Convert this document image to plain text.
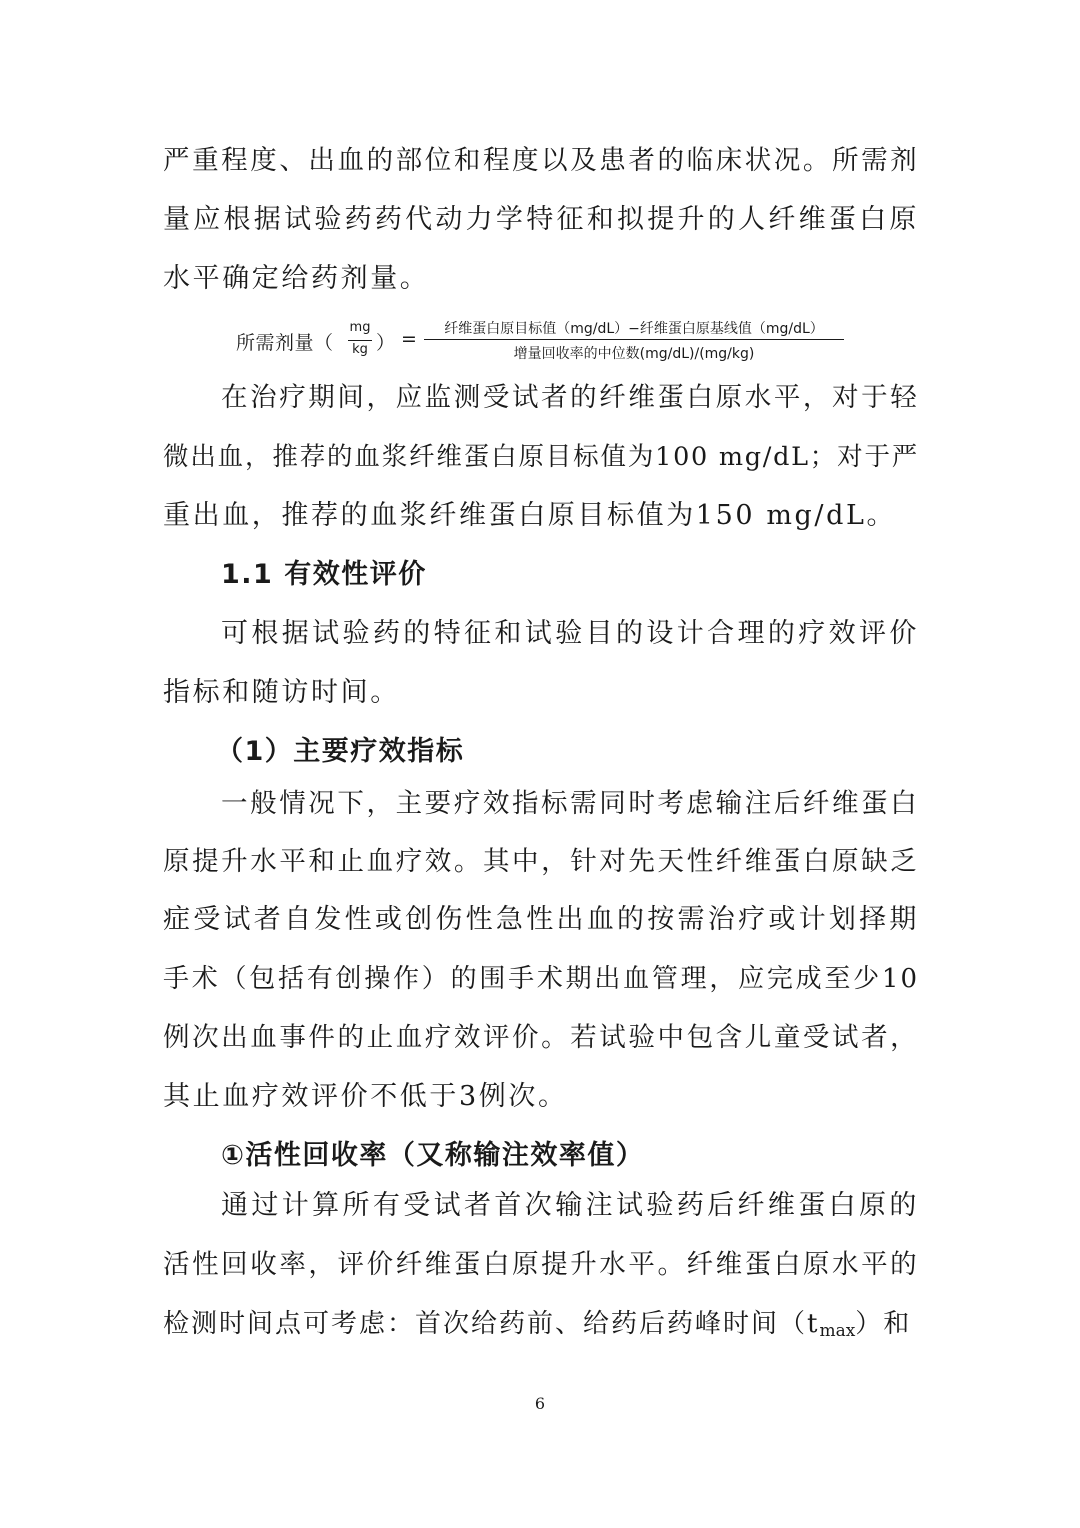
严重程度、出血的部位和程度以及患者的临床状况。所需剂
量应根据试验药药代动力学特征和拟提升的人纤维蛋白原
水平确定给药剂量。
所需剂量（
mg
kg ） =	纤维蛋白原目标值（mg/dL）−纤维蛋白原基线值（mg/dL）
增量回收率的中位数(mg/dL)/(mg/kg)
在治疗期间，应监测受试者的纤维蛋白原水平，对于轻
微出血，推荐的血浆纤维蛋白原目标值为100 mg/dL；对于严
重出血，推荐的血浆纤维蛋白原目标值为150 mg/dL。
1.1 有效性评价
可根据试验药的特征和试验目的设计合理的疗效评价
指标和随访时间。
（1）主要疗效指标
一般情况下，主要疗效指标需同时考虑输注后纤维蛋白
原提升水平和止血疗效。其中，针对先天性纤维蛋白原缺乏
症受试者自发性或创伤性急性出血的按需治疗或计划择期
手术（包括有创操作）的围手术期出血管理，应完成至少10
例次出血事件的止血疗效评价。若试验中包含儿童受试者，
其止血疗效评价不低于3例次。
①活性回收率（又称输注效率值）
通过计算所有受试者首次输注试验药后纤维蛋白原的
活性回收率，评价纤维蛋白原提升水平。纤维蛋白原水平的
检测时间点可考虑：首次给药前、给药后药峰时间$(t_{max})$和
6
